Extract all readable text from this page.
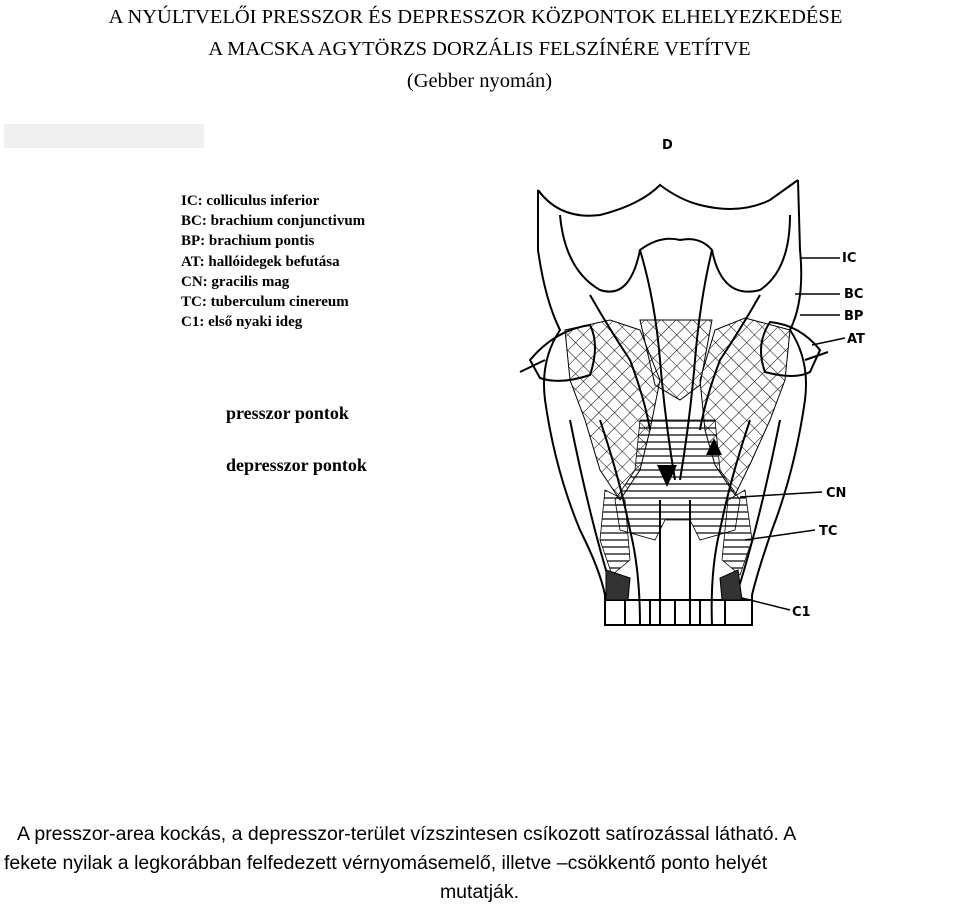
A NYÚLTVELŐI PRESSZOR ÉS DEPRESSZOR KÖZPONTOK ELHELYEZKEDÉSE
A MACSKA AGYTÖRZS DORZÁLIS FELSZÍNÉRE VETÍTVE
(Gebber nyomán)
IC: colliculus inferior
BC: brachium conjunctivum
BP: brachium pontis
AT: hallóidegek befutása
CN: gracilis mag
TC: tuberculum cinereum
C1: első nyaki ideg
presszor pontok
depresszor pontok
D
IC
BC
BP
AT
CN
TC
C1
A presszor-area kockás, a depresszor-terület vízszintesen csíkozott satírozással látható. A
fekete nyilak a legkorábban felfedezett vérnyomásemelő, illetve –csökkentő ponto helyét
mutatják.
